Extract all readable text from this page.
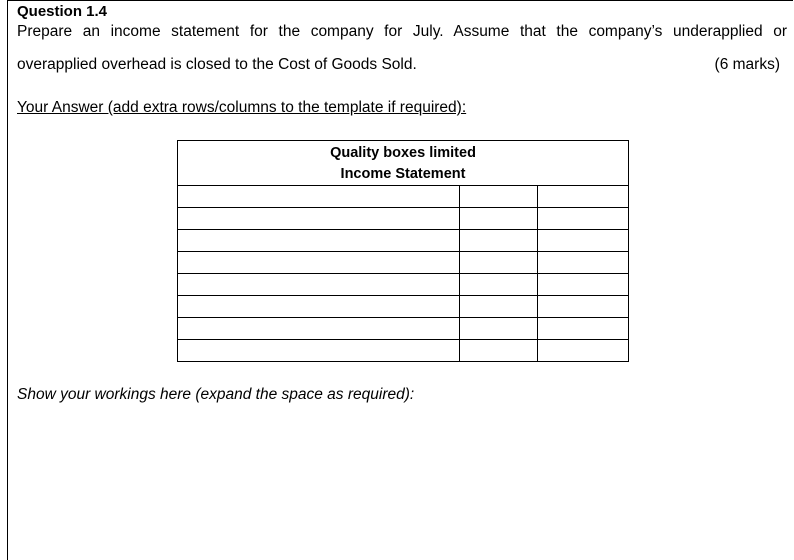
Question 1.4
Prepare an income statement for the company for July. Assume that the company’s underapplied or
overapplied overhead is closed to the Cost of Goods Sold.	(6 marks)
Your Answer (add extra rows/columns to the template if required):
Quality boxes limited
Income Statement
Show your workings here (expand the space as required):
